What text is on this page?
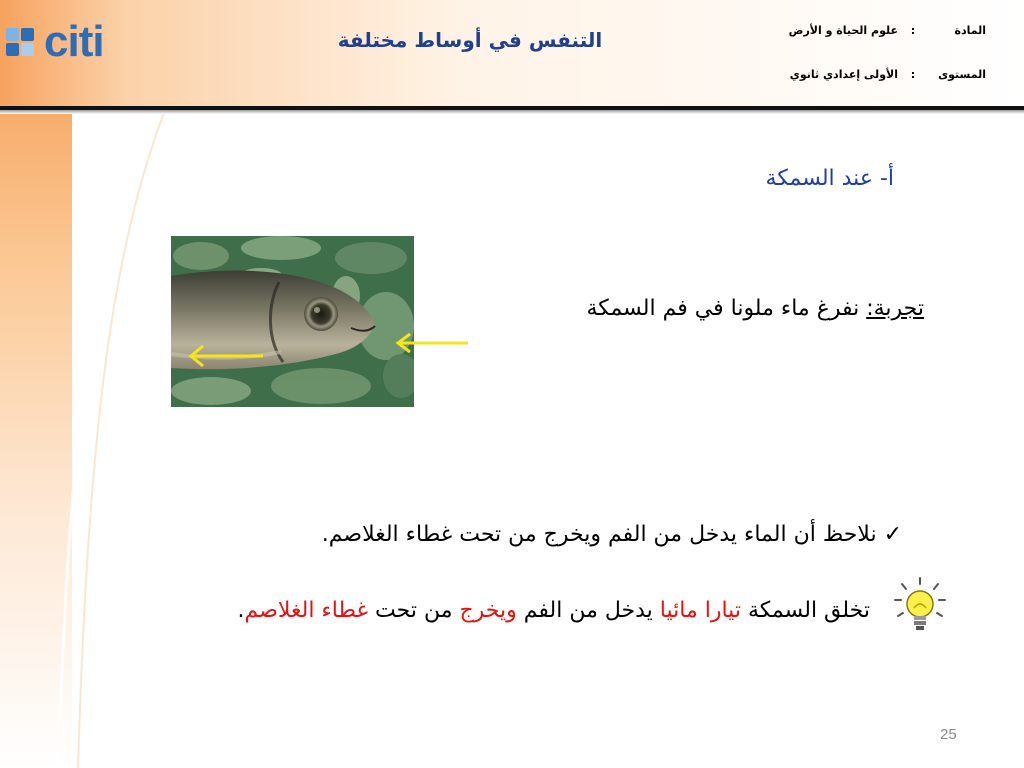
citi	التنفس في أوساط مختلفة	المادة:علوم الحياة و الأرض
المستوى:الأولى إعدادي ثانوي
أ- عند السمكة
تجربة: نفرغ ماء ملونا في فم السمكة
✓ نلاحظ أن الماء يدخل من الفم ويخرج من تحت غطاء الغلاصم.
تخلق السمكة تيارا مائيا يدخل من الفم ويخرج من تحت غطاء الغلاصم.
25
